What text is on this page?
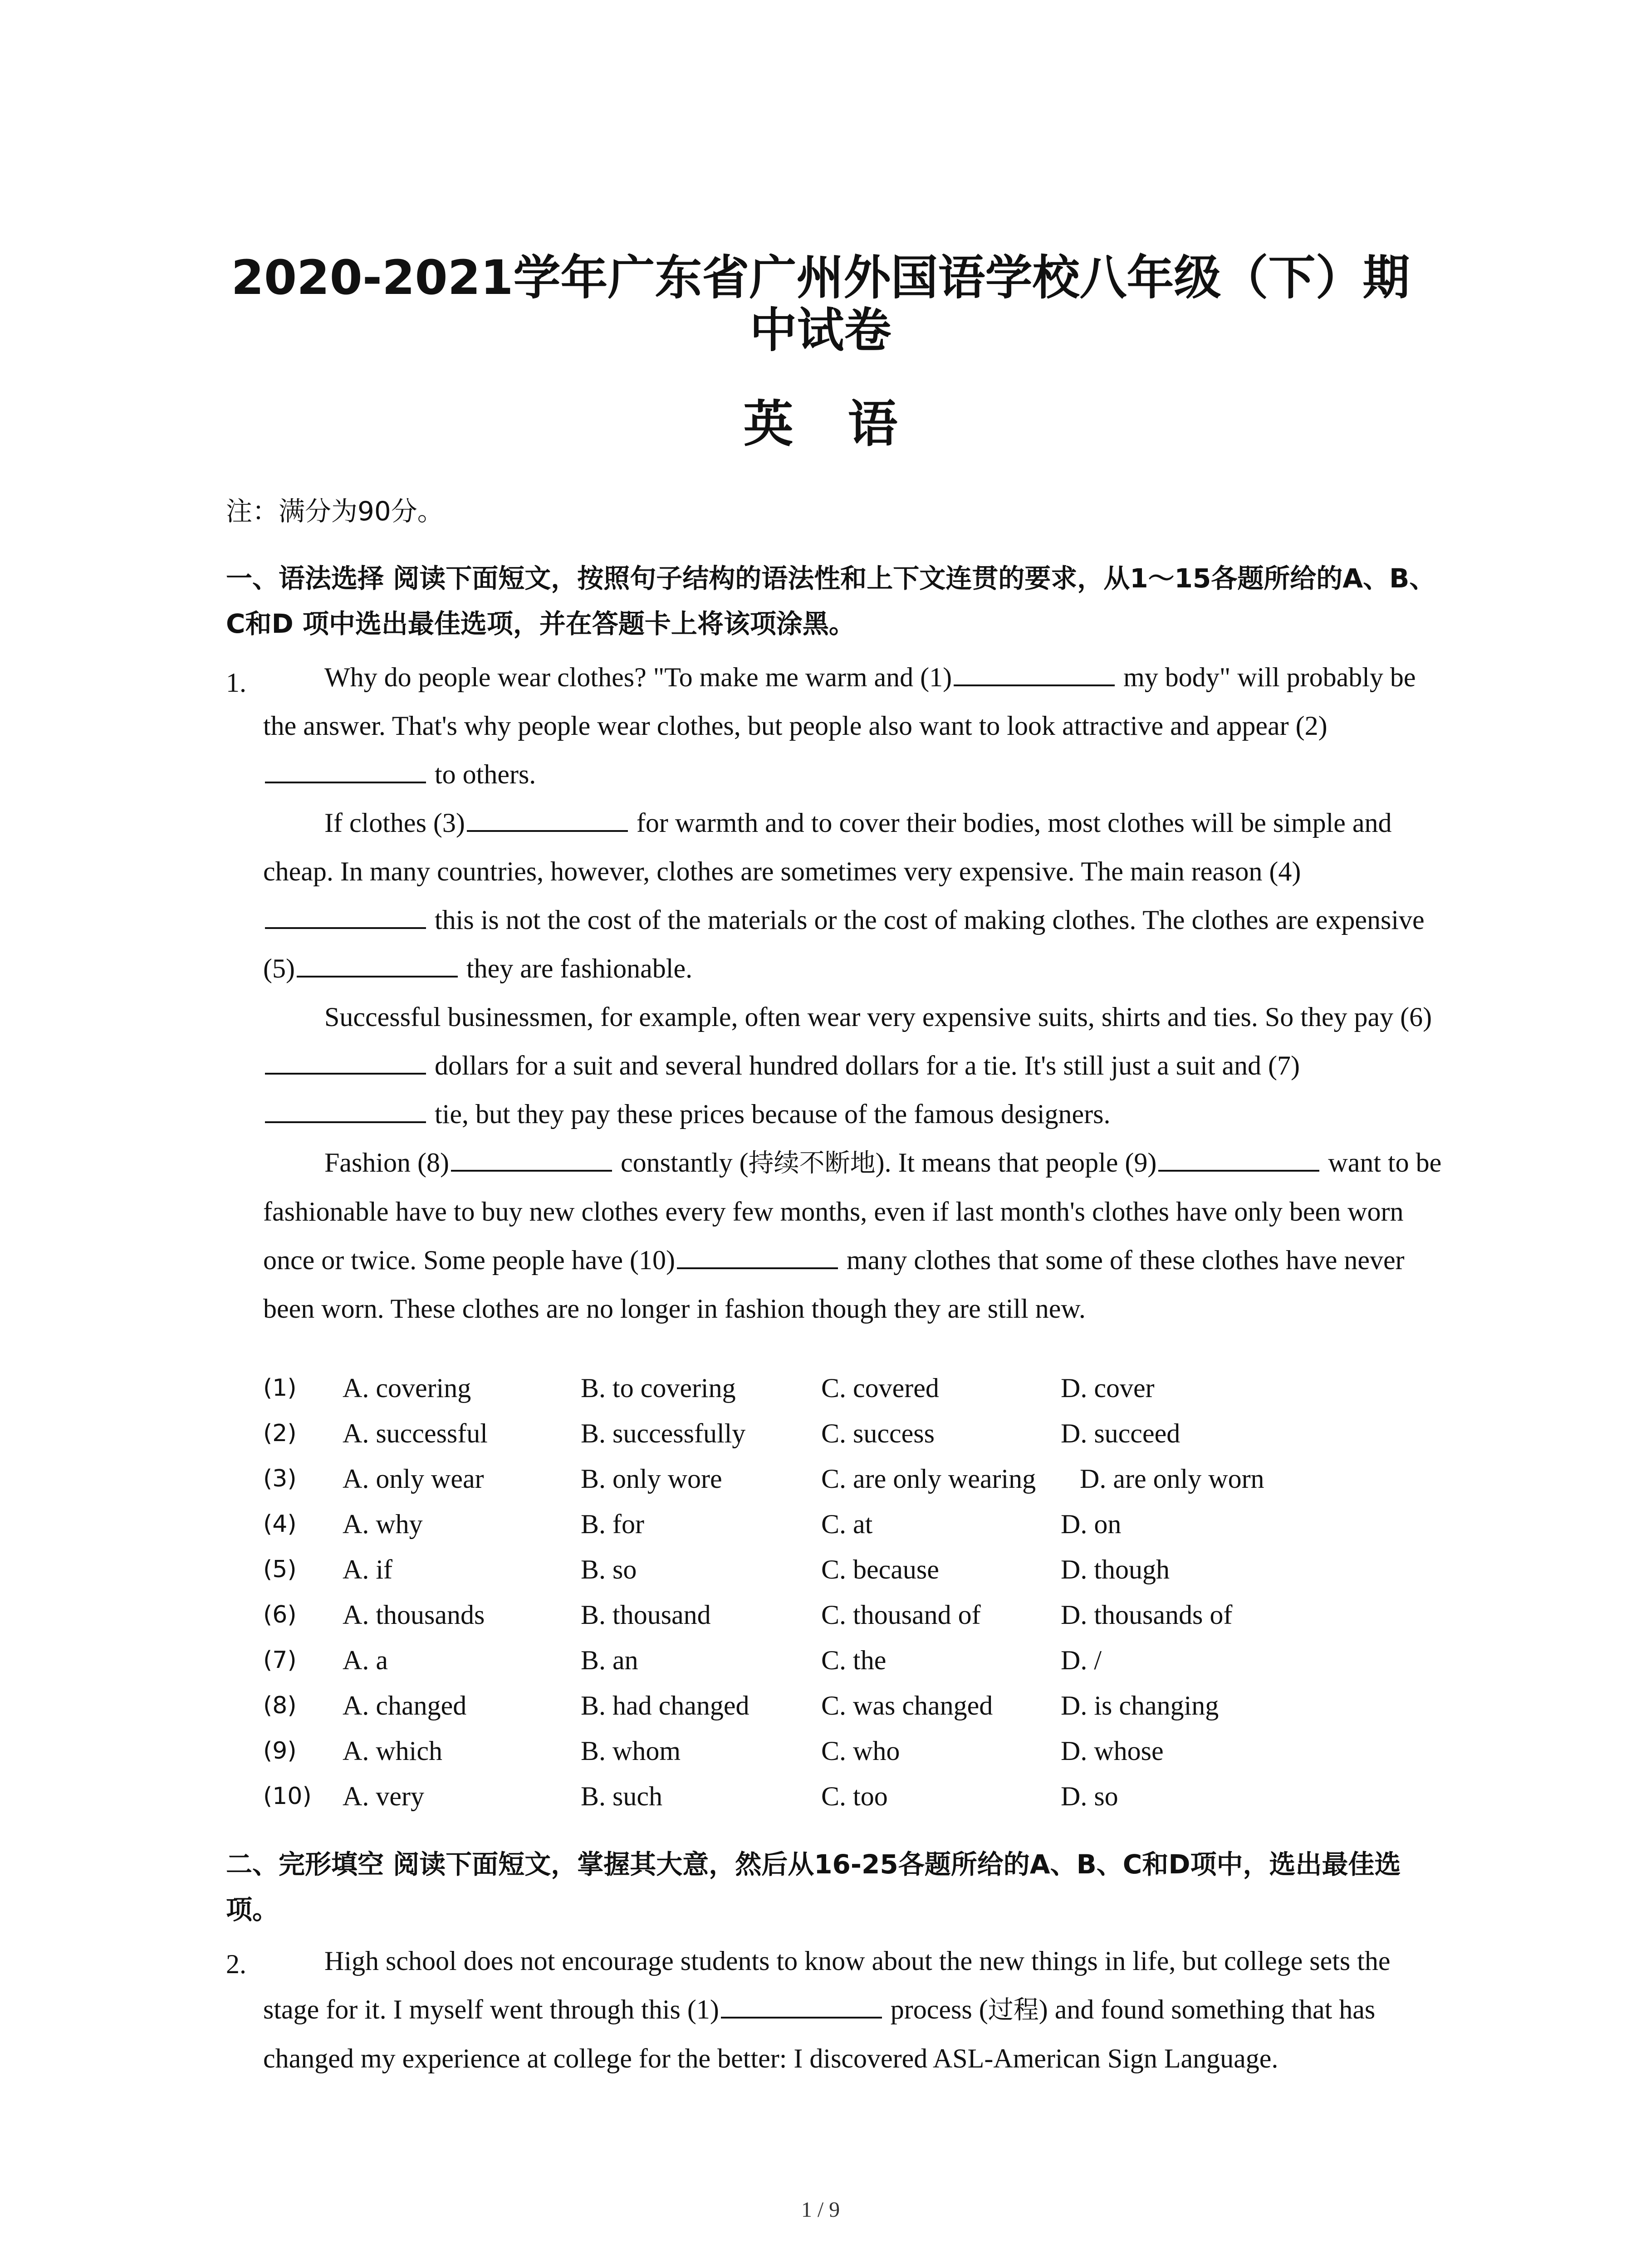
2020-2021学年广东省广州外国语学校八年级（下）期
中试卷
英语
注：满分为90分。
一、语法选择 阅读下面短文，按照句子结构的语法性和上下文连贯的要求，从1～15各题所给的A、B、C和D 项中选出最佳选项，并在答题卡上将该项涂黑。
1.	Why do people wear clothes? "To make me warm and (1)	my body" will probably be the answer. That's why people wear clothes, but people also want to look attractive and appear (2) to others.
If clothes (3)	for warmth and to cover their bodies, most clothes will be simple and cheap. In many countries, however, clothes are sometimes very expensive. The main reason (4) this is not the cost of the materials or the cost of making clothes. The clothes are expensive (5)	they are fashionable.
Successful businessmen, for example, often wear very expensive suits, shirts and ties. So they pay (6) dollars for a suit and several hundred dollars for a tie. It's still just a suit and (7) tie, but they pay these prices because of the famous designers.
Fashion (8)	constantly (持续不断地). It means that people (9)	want to be fashionable have to buy new clothes every few months, even if last month's clothes have only been worn once or twice. Some people have (10)	many clothes that some of these clothes have never been worn. These clothes are no longer in fashion though they are still new.
(1) A. covering	B. to covering	C. covered	D. cover
(2) A. successful	B. successfully	C. success	D. succeed
(3) A. only wear	B. only wore	C. are only wearing D. are only worn
(4) A. why	B. for	C. at	D. on
(5) A. if	B. so	C. because	D. though
(6) A. thousands	B. thousand	C. thousand of	D. thousands of
(7) A. a	B. an	C. the	D. /
(8) A. changed	B. had changed	C. was changed D. is changing
(9) A. which	B. whom	C. who	D. whose
(10) A. very	B. such	C. too	D. so
二、完形填空 阅读下面短文，掌握其大意，然后从16-25各题所给的A、B、C和D项中，选出最佳选项。
2.	High school does not encourage students to know about the new things in life, but college sets the stage for it. I myself went through this (1)	process (过程) and found something that has changed my experience at college for the better: I discovered ASL-American Sign Language.
1 / 9
